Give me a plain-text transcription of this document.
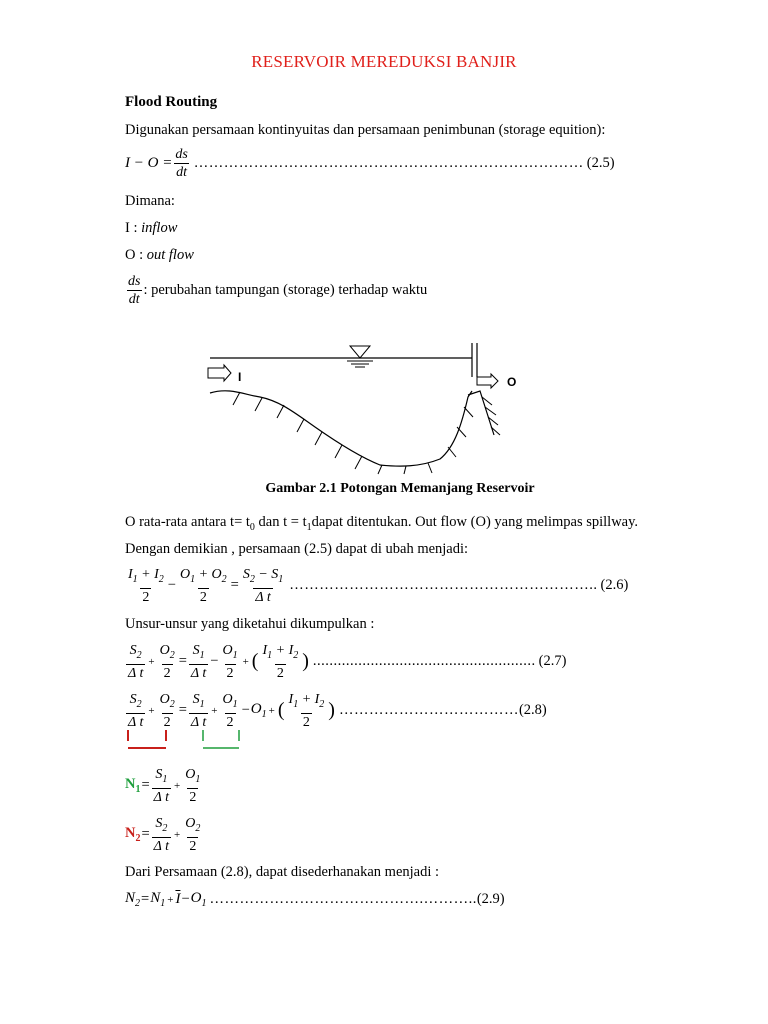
RESERVOIR MEREDUKSI BANJIR
Flood Routing
Digunakan persamaan kontinyuitas dan persamaan penimbunan (storage equition):
$I - O = \frac{ds}{dt}$ …………………………………………………………………… (2.5)
Dimana:
I : inflow
O : out flow
$\frac{ds}{dt}$ : perubahan tampungan (storage) terhadap waktu
I	O
Gambar 2.1 Potongan Memanjang Reservoir
O rata-rata antara $t= t_0$ dan $t = t_1dapat$ ditentukan. Out flow (O) yang melimpas spillway.
Dengan demikian , persamaan (2.5) dapat di ubah menjadi:
$\frac{I_1 + I_2}{2} - \frac{O_1 + O_2}{2} = \frac{S_2 - S_1}{\text{Δ t}}$ …………………………………………………….. (2.6)
Unsur-unsur yang diketahui dikumpulkan :
$\frac{S_2}{\text{Δ t}} + \frac{O_2}{2} = \frac{S_1}{\text{Δ t}} - \frac{O_1}{2}$ + ( $\frac{I_1 + I_2}{2}$ ) ...................................................... (2.7)
$\frac{S_2}{\text{Δ t}} + \frac{O_2}{2} = \frac{S_1}{\text{Δ t}} + \frac{O_1}{2} - O_1$ + ( $\frac{I_1 + I_2}{2}$ ) ……………………………… (2.8)
$N_1 = \frac{S_1}{\text{Δ t}} + \frac{O_1}{2}$
$N_2 = \frac{S_2}{\text{Δ t}} + \frac{O_2}{2}$
Dari Persamaan (2.8), dapat disederhanakan menjadi :
$N_2 = N_1 + \overline{I} - O_1$ …………………………………….……….. (2.9)
